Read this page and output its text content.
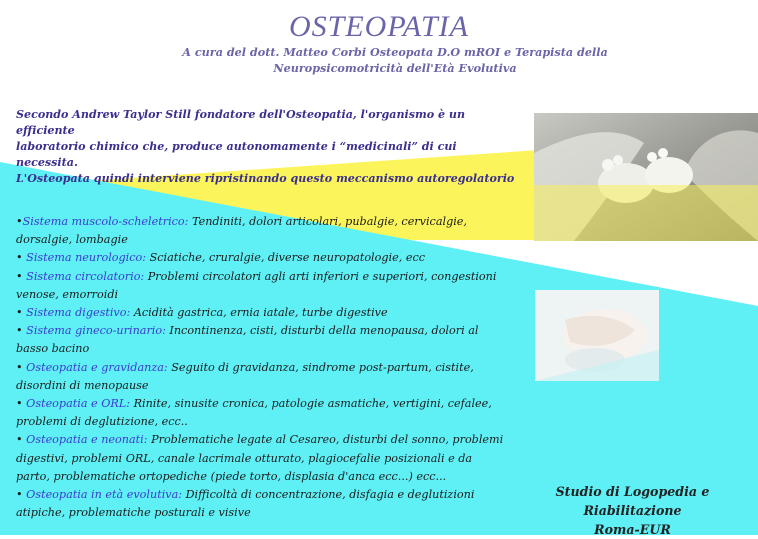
OSTEOPATIA
A cura del dott. Matteo Corbi Osteopata D.O mROI e Terapista della
Neuropsicomotricità dell'Età Evolutiva
Secondo Andrew Taylor Still fondatore dell'Osteopatia, l'organismo è un efficiente
laboratorio chimico che, produce autonomamente i “medicinali” di cui necessita.
L'Osteopata quindi interviene ripristinando questo meccanismo autoregolatorio
•Sistema muscolo-scheletrico: Tendiniti, dolori articolari, pubalgie, cervicalgie, dorsalgie, lombagie
• Sistema neurologico: Sciatiche, cruralgie, diverse neuropatologie, ecc
• Sistema circolatorio: Problemi circolatori agli arti inferiori e superiori, congestioni venose, emorroidi
• Sistema digestivo: Acidità gastrica, ernia iatale, turbe digestive
• Sistema gineco-urinario: Incontinenza, cisti, disturbi della menopausa, dolori al basso bacino
• Osteopatia e gravidanza: Seguito di gravidanza, sindrome post-partum, cistite, disordini di menopause
• Osteopatia e ORL: Rinite, sinusite cronica, patologie asmatiche, vertigini, cefalee, problemi di deglutizione, ecc..
• Osteopatia e neonati: Problematiche legate al Cesareo, disturbi del sonno, problemi digestivi, problemi ORL, canale lacrimale otturato, plagiocefalie posizionali e da parto, problematiche ortopediche (piede torto, displasia d'anca ecc...) ecc...
• Osteopatia in età evolutiva: Difficoltà di concentrazione, disfagia e deglutizioni atipiche, problematiche posturali e visive
Studio di Logopedia e Riabilitazione
Roma-EUR
